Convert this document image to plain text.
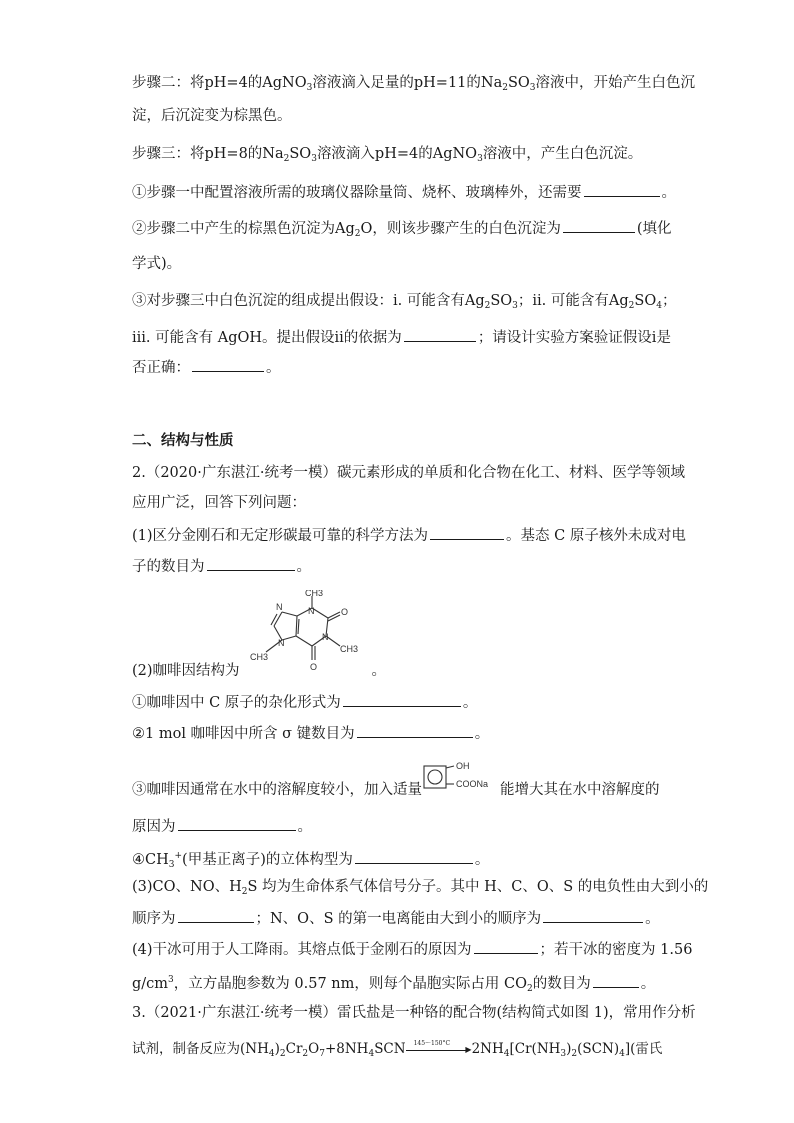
步骤二：将pH=4的AgNO$_3$溶液滴入足量的pH=11的$Na_2SO_3$溶液中，开始产生白色沉
淀，后沉淀变为棕黑色。
步骤三：将pH=8的$Na_2SO_3$溶液滴入pH=4的AgNO$_3$溶液中，产生白色沉淀。
①步骤一中配置溶液所需的玻璃仪器除量筒、烧杯、玻璃棒外，还需要	。
②步骤二中产生的棕黑色沉淀为$Ag_2O$，则该步骤产生的白色沉淀为	(填化
学式)。
③对步骤三中白色沉淀的组成提出假设：ⅰ. 可能含有$Ag_2SO_3$；ⅱ. 可能含有$Ag_2SO_4$；
ⅲ. 可能含有 AgOH。提出假设ⅱ的依据为	；请设计实验方案验证假设ⅰ是
否正确：	。
二、结构与性质
2.（2020·广东湛江·统考一模）碳元素形成的单质和化合物在化工、材料、医学等领域
应用广泛，回答下列问题：
(1)区分金刚石和无定形碳最可靠的科学方法为	。基态 C 原子核外未成对电
子的数目为	。
CH3
O
N
N
N
N
CH3
CH3
O
(2)咖啡因结构为	。
①咖啡因中 C 原子的杂化形式为	。
②1 mol 咖啡因中所含 σ 键数目为	。
OH
COONa
③咖啡因通常在水中的溶解度较小，加入适量	能增大其在水中溶解度的
原因为	。
$④CH_3^+$(甲基正离子)的立体构型为	。
(3)CO、NO、$H_2S$ 均为生命体系气体信号分子。其中 H、C、O、S 的电负性由大到小的
顺序为	；N、O、S 的第一电离能由大到小的顺序为	。
(4)干冰可用于人工降雨。其熔点低于金刚石的原因为	；若干冰的密度为 1.56
$g/cm^3$，立方晶胞参数为 0.57 nm，则每个晶胞实际占用 $CO_2$的数目为	。
3.（2021·广东湛江·统考一模）雷氏盐是一种铬的配合物(结构简式如图 1)，常用作分析
试剂，制备反应为$(NH_4)_2Cr_2O_7+8NH_4SCN$ 145～150°C
▶ $2NH_4[Cr(NH_3)_2(SCN)_4]$(雷氏
